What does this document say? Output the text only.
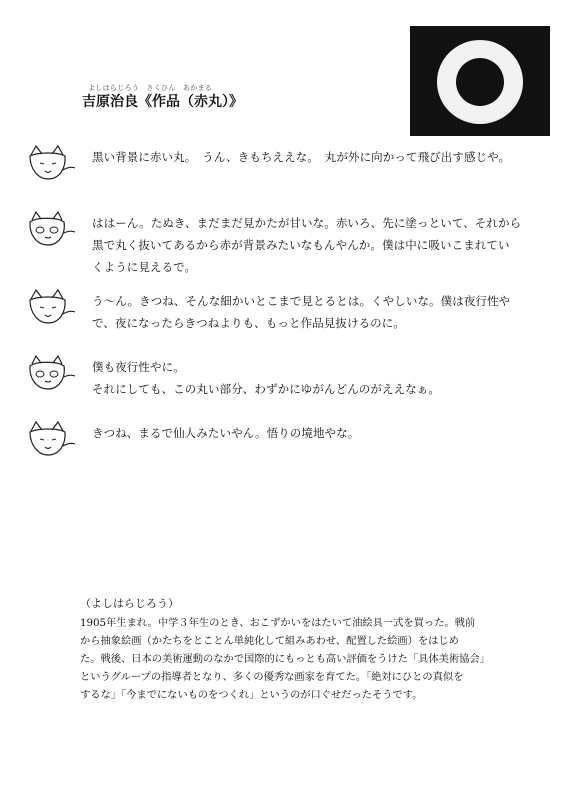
よしはらじろう　さくひん　あかまる
吉原治良《作品（赤丸）》
黒い背景に赤い丸。　うん、きもちええな。　丸が外に向かって飛び出す感じや。
ははーん。たぬき、まだまだ見かたが甘いな。赤いろ、先に塗っといて、それから
黒で丸く抜いてあるから赤が背景みたいなもんやんか。僕は中に吸いこまれてい
くように見えるで。
う〜ん。きつね、そんな細かいとこまで見とるとは。くやしいな。僕は夜行性や
で、夜になったらきつねよりも、もっと作品見抜けるのに。
僕も夜行性やに。
それにしても、この丸い部分、わずかにゆがんどんのがええなぁ。
きつね、まるで仙人みたいやん。悟りの境地やな。
（よしはらじろう）
1905年生まれ。中学３年生のとき、おこずかいをはたいて油絵具一式を買った。戦前
から抽象絵画（かたちをとことん単純化して組みあわせ、配置した絵画）をはじめ
た。戦後、日本の美術運動のなかで国際的にもっとも高い評価をうけた「具体美術協会」
というグループの指導者となり、多くの優秀な画家を育てた。「絶対にひとの真似を
するな」「今までにないものをつくれ」というのが口ぐせだったそうです。
